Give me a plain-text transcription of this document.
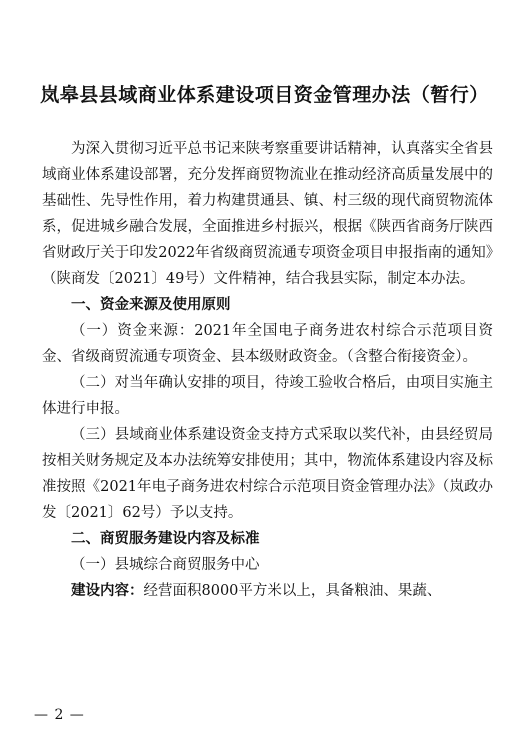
岚皋县县域商业体系建设项目资金管理办法（暂行）

为深入贯彻习近平总书记来陕考察重要讲话精神，认真落实全省县域商业体系建设部署，充分发挥商贸物流业在推动经济高质量发展中的基础性、先导性作用，着力构建贯通县、镇、村三级的现代商贸物流体系，促进城乡融合发展，全面推进乡村振兴，根据《陕西省商务厅陕西省财政厅关于印发2022年省级商贸流通专项资金项目申报指南的通知》（陕商发〔2021〕49号）文件精神，结合我县实际，制定本办法。

一、资金来源及使用原则

（一）资金来源：2021年全国电子商务进农村综合示范项目资金、省级商贸流通专项资金、县本级财政资金。（含整合衔接资金）。

（二）对当年确认安排的项目，待竣工验收合格后，由项目实施主体进行申报。

（三）县域商业体系建设资金支持方式采取以奖代补，由县经贸局按相关财务规定及本办法统筹安排使用；其中，物流体系建设内容及标准按照《2021年电子商务进农村综合示范项目资金管理办法》（岚政办发〔2021〕62号）予以支持。

二、商贸服务建设内容及标准

（一）县城综合商贸服务中心

建设内容：经营面积8000平方米以上，具备粮油、果蔬、

— 2 —
